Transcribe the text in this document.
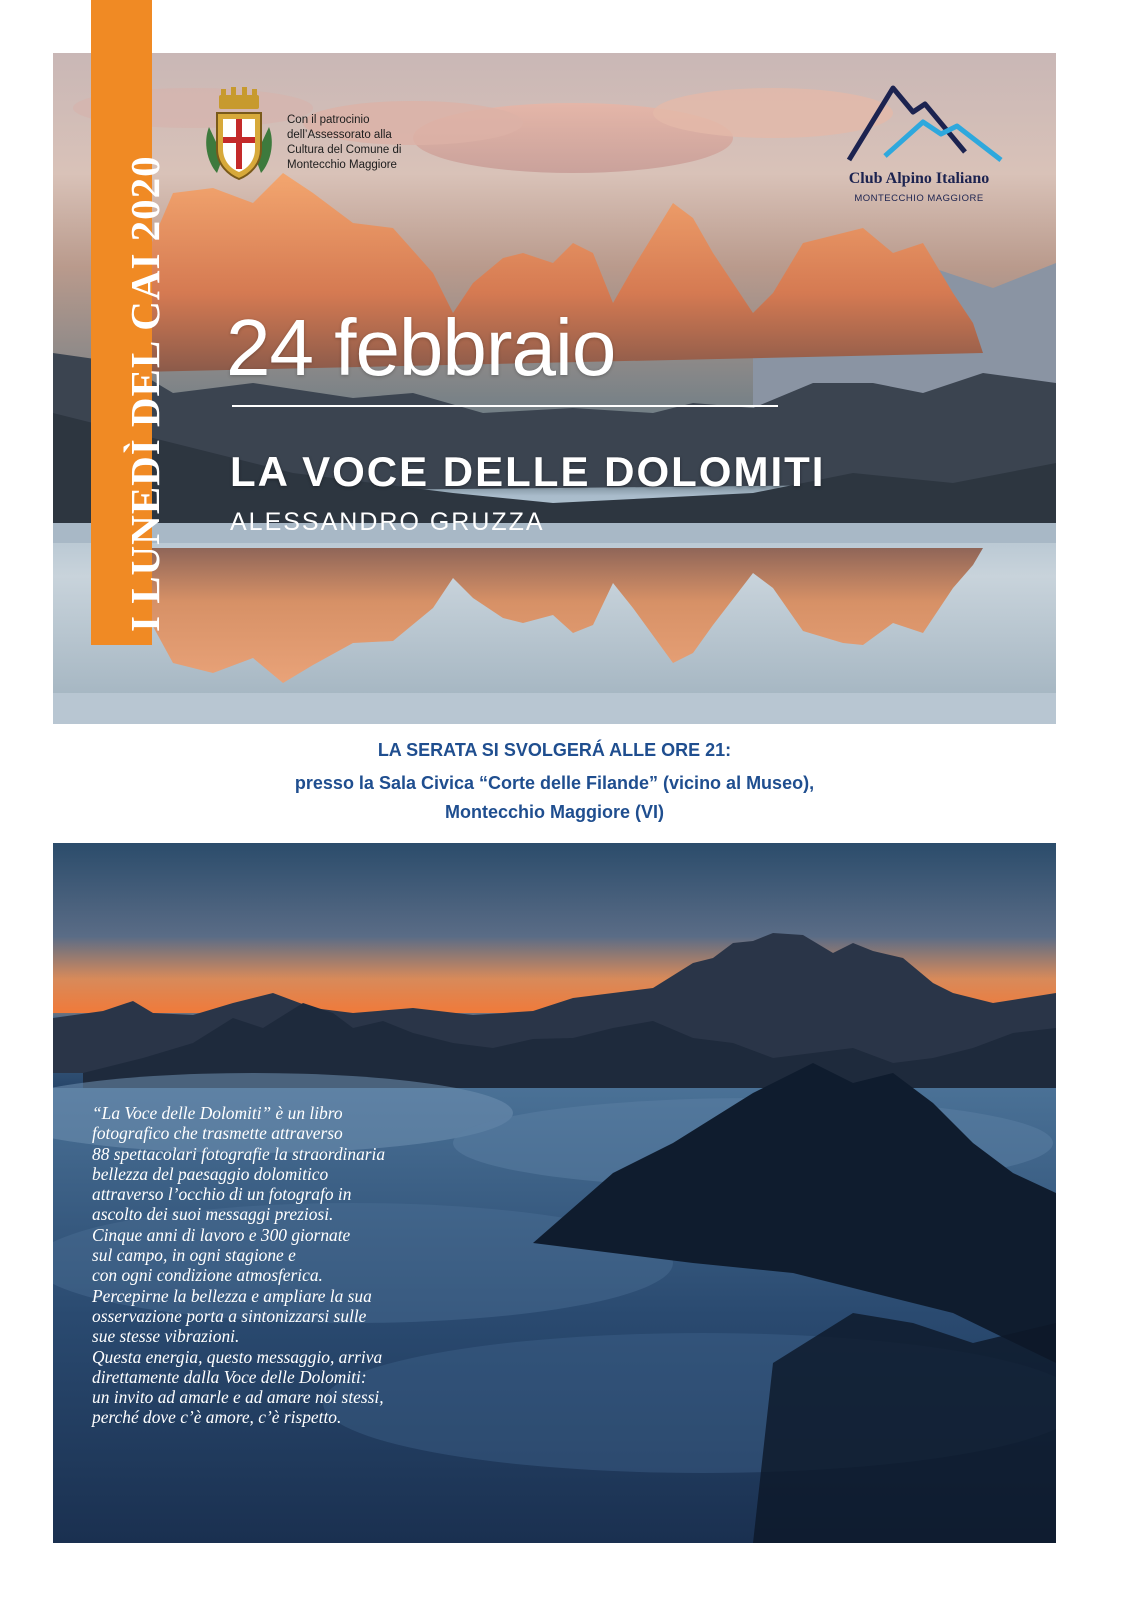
I LUNEDÌ DEL CAI 2020
Con il patrocinio
dell’Assessorato alla
Cultura del Comune di
Montecchio Maggiore
Club Alpino Italiano
MONTECCHIO MAGGIORE
24 febbraio
LA VOCE DELLE DOLOMITI
ALESSANDRO GRUZZA
LA SERATA SI SVOLGERÁ ALLE ORE 21:
presso la Sala Civica “Corte delle Filande” (vicino al Museo),
Montecchio Maggiore (VI)
“La Voce delle Dolomiti” è un libro
fotografico che trasmette attraverso
88 spettacolari fotografie la straordinaria
bellezza del paesaggio dolomitico
attraverso l’occhio di un fotografo in
ascolto dei suoi messaggi preziosi.
Cinque anni di lavoro e 300 giornate
sul campo, in ogni stagione e
con ogni condizione atmosferica.
Percepirne la bellezza e ampliare la sua
osservazione porta a sintonizzarsi sulle
sue stesse vibrazioni.
Questa energia, questo messaggio, arriva
direttamente dalla Voce delle Dolomiti:
un invito ad amarle e ad amare noi stessi,
perché dove c’è amore, c’è rispetto.
